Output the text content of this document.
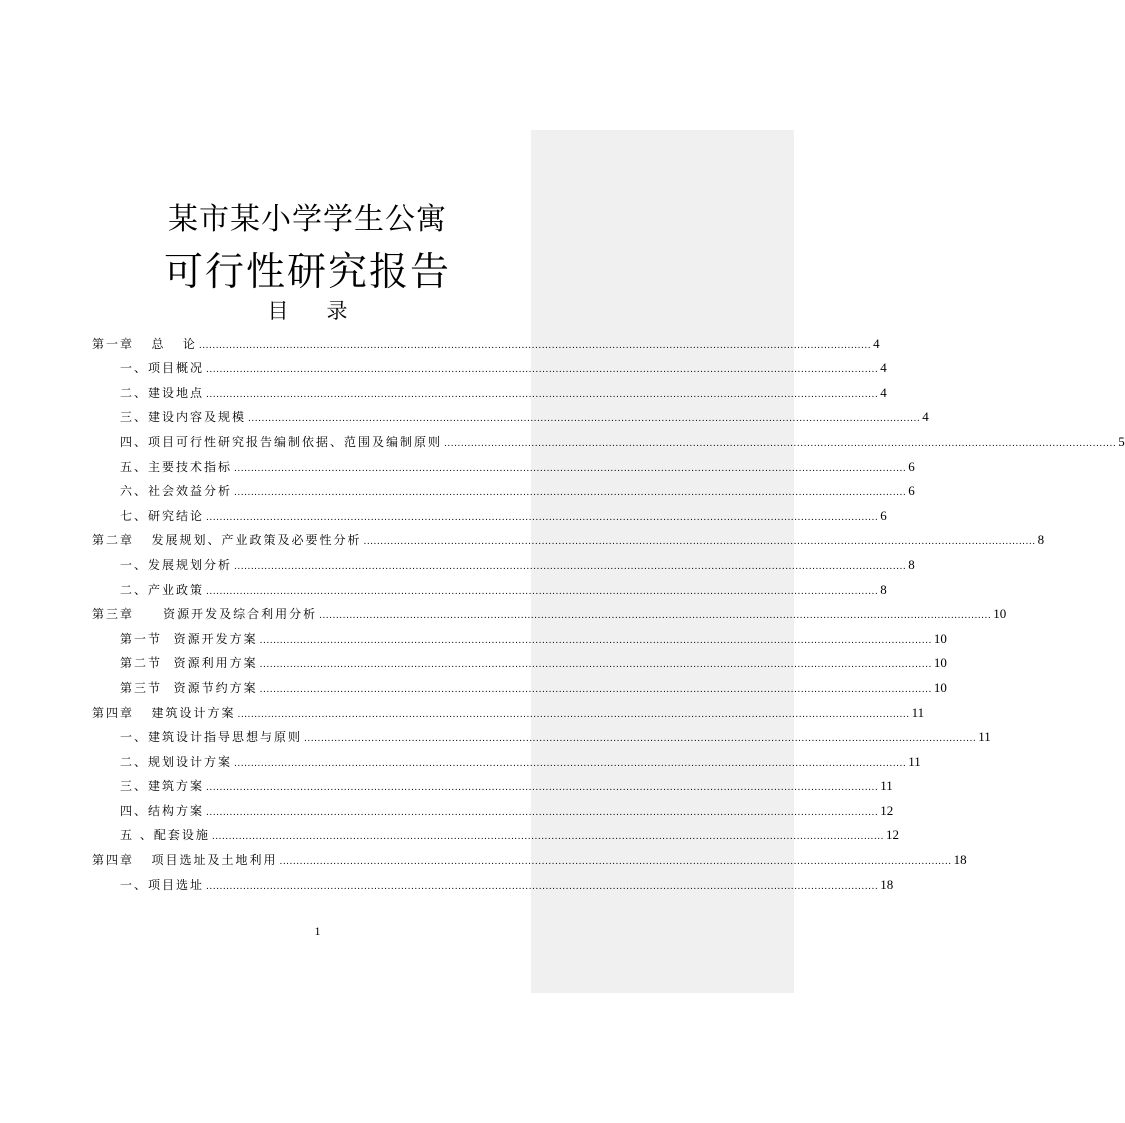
某市某小学学生公寓
可行性研究报告
目 录
第一章   总   论 ........................................................................................................................................................................................................ 4
一、项目概况 ........................................................................................................................................................................................................ 4
二、建设地点 ........................................................................................................................................................................................................ 4
三、建设内容及规模 ........................................................................................................................................................................................................ 4
四、项目可行性研究报告编制依据、范围及编制原则 ........................................................................................................................................................................................................ 5
五、主要技术指标 ........................................................................................................................................................................................................ 6
六、社会效益分析 ........................................................................................................................................................................................................ 6
七、研究结论 ........................................................................................................................................................................................................ 6
第二章   发展规划、产业政策及必要性分析 ........................................................................................................................................................................................................ 8
一、发展规划分析 ........................................................................................................................................................................................................ 8
二、产业政策 ........................................................................................................................................................................................................ 8
第三章     资源开发及综合利用分析 ........................................................................................................................................................................................................ 10
第一节  资源开发方案 ........................................................................................................................................................................................................ 10
第二节  资源利用方案 ........................................................................................................................................................................................................ 10
第三节  资源节约方案 ........................................................................................................................................................................................................ 10
第四章   建筑设计方案 ........................................................................................................................................................................................................ 11
一、建筑设计指导思想与原则 ........................................................................................................................................................................................................ 11
二、规划设计方案 ........................................................................................................................................................................................................ 11
三、建筑方案 ........................................................................................................................................................................................................ 11
四、结构方案 ........................................................................................................................................................................................................ 12
五 、配套设施 ........................................................................................................................................................................................................ 12
第四章   项目选址及土地利用 ........................................................................................................................................................................................................ 18
一、项目选址 ........................................................................................................................................................................................................ 18
1
